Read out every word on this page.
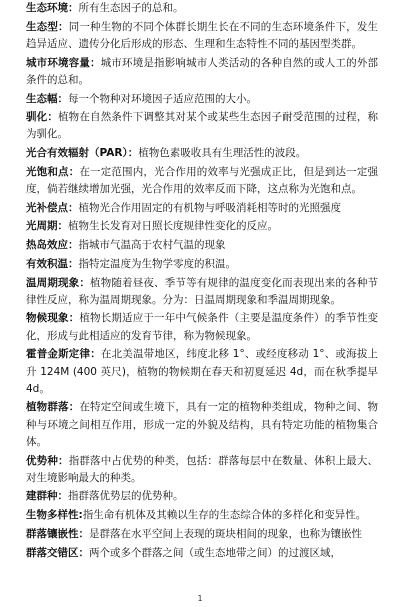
生态环境：所有生态因子的总和。

生态型：同一种生物的不同个体群长期生长在不同的生态环境条件下，发生趋异适应、遗传分化后形成的形态、生理和生态特性不同的基因型类群。

城市环境容量：城市环境是指影响城市人类活动的各种自然的或人工的外部条件的总和。

生态幅：每一个物种对环境因子适应范围的大小。

驯化：植物在自然条件下调整其对某个或某些生态因子耐受范围的过程，称为驯化。

光合有效辐射（PAR）：植物色素吸收具有生理活性的波段。

光饱和点：在一定范围内，光合作用的效率与光强成正比，但是到达一定强度，倘若继续增加光强，光合作用的效率反而下降，这点称为光饱和点。

光补偿点：植物光合作用固定的有机物与呼吸消耗相等时的光照强度

光周期：植物生长发育对日照长度规律性变化的反应。

热岛效应：指城市气温高于农村气温的现象

有效积温：指特定温度为生物学零度的积温。

温周期现象：植物随着昼夜、季节等有规律的温度变化而表现出来的各种节律性反应，称为温周期现象。分为：日温周期现象和季温周期现象。

物候现象：植物长期适应于一年中气候条件（主要是温度条件）的季节性变化，形成与此相适应的发育节律，称为物候现象。

霍普金斯定律：在北美温带地区，纬度北移 1°、或经度移动 1°、或海拔上升 124M (400 英尺)，植物的物候期在春天和初夏延迟 4d，而在秋季提早 4d。

植物群落：在特定空间或生境下，具有一定的植物种类组成，物种之间、物种与环境之间相互作用，形成一定的外貌及结构，具有特定功能的植物集合体。

优势种：指群落中占优势的种类，包括：群落每层中在数量、体积上最大、对生境影响最大的种类。

建群种：指群落优势层的优势种。

生物多样性:指生命有机体及其赖以生存的生态综合体的多样化和变异性。

群落镶嵌性：是群落在水平空间上表现的斑块相间的现象，也称为镶嵌性

群落交错区：两个或多个群落之间（或生态地带之间）的过渡区域，

1
